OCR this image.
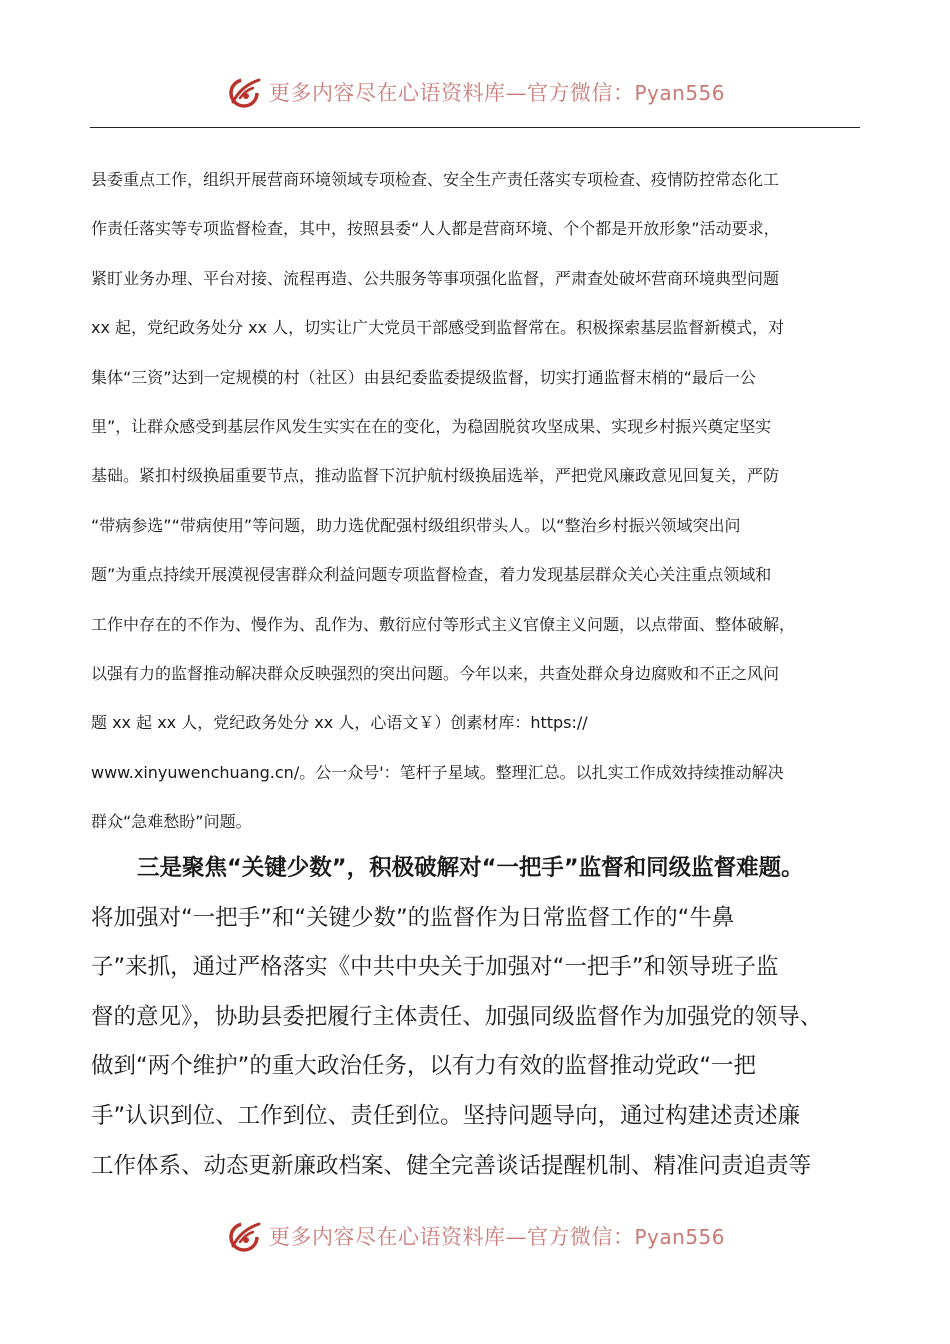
更多内容尽在心语资料库—官方微信：Pyan556
县委重点工作，组织开展营商环境领域专项检查、安全生产责任落实专项检查、疫情防控常态化工
作责任落实等专项监督检查，其中，按照县委“人人都是营商环境、个个都是开放形象”活动要求，
紧盯业务办理、平台对接、流程再造、公共服务等事项强化监督，严肃查处破坏营商环境典型问题
xx 起，党纪政务处分 xx 人，切实让广大党员干部感受到监督常在。积极探索基层监督新模式，对
集体“三资”达到一定规模的村（社区）由县纪委监委提级监督，切实打通监督末梢的“最后一公
里”，让群众感受到基层作风发生实实在在的变化，为稳固脱贫攻坚成果、实现乡村振兴奠定坚实
基础。紧扣村级换届重要节点，推动监督下沉护航村级换届选举，严把党风廉政意见回复关，严防
“带病参选”“带病使用”等问题，助力选优配强村级组织带头人。以“整治乡村振兴领域突出问
题”为重点持续开展漠视侵害群众利益问题专项监督检查，着力发现基层群众关心关注重点领域和
工作中存在的不作为、慢作为、乱作为、敷衍应付等形式主义官僚主义问题，以点带面、整体破解，
以强有力的监督推动解决群众反映强烈的突出问题。今年以来，共查处群众身边腐败和不正之风问
题 xx 起 xx 人，党纪政务处分 xx 人，心语文￥）创素材库：https://
www.xinyuwenchuang.cn/。公一众号'：笔杆子星域。整理汇总。以扎实工作成效持续推动解决
群众“急难愁盼”问题。
三是聚焦“关键少数”，积极破解对“一把手”监督和同级监督难题。
将加强对“一把手”和“关键少数”的监督作为日常监督工作的“牛鼻
子”来抓，通过严格落实《中共中央关于加强对“一把手”和领导班子监
督的意见》，协助县委把履行主体责任、加强同级监督作为加强党的领导、
做到“两个维护”的重大政治任务，以有力有效的监督推动党政“一把
手”认识到位、工作到位、责任到位。坚持问题导向，通过构建述责述廉
工作体系、动态更新廉政档案、健全完善谈话提醒机制、精准问责追责等
更多内容尽在心语资料库—官方微信：Pyan556
